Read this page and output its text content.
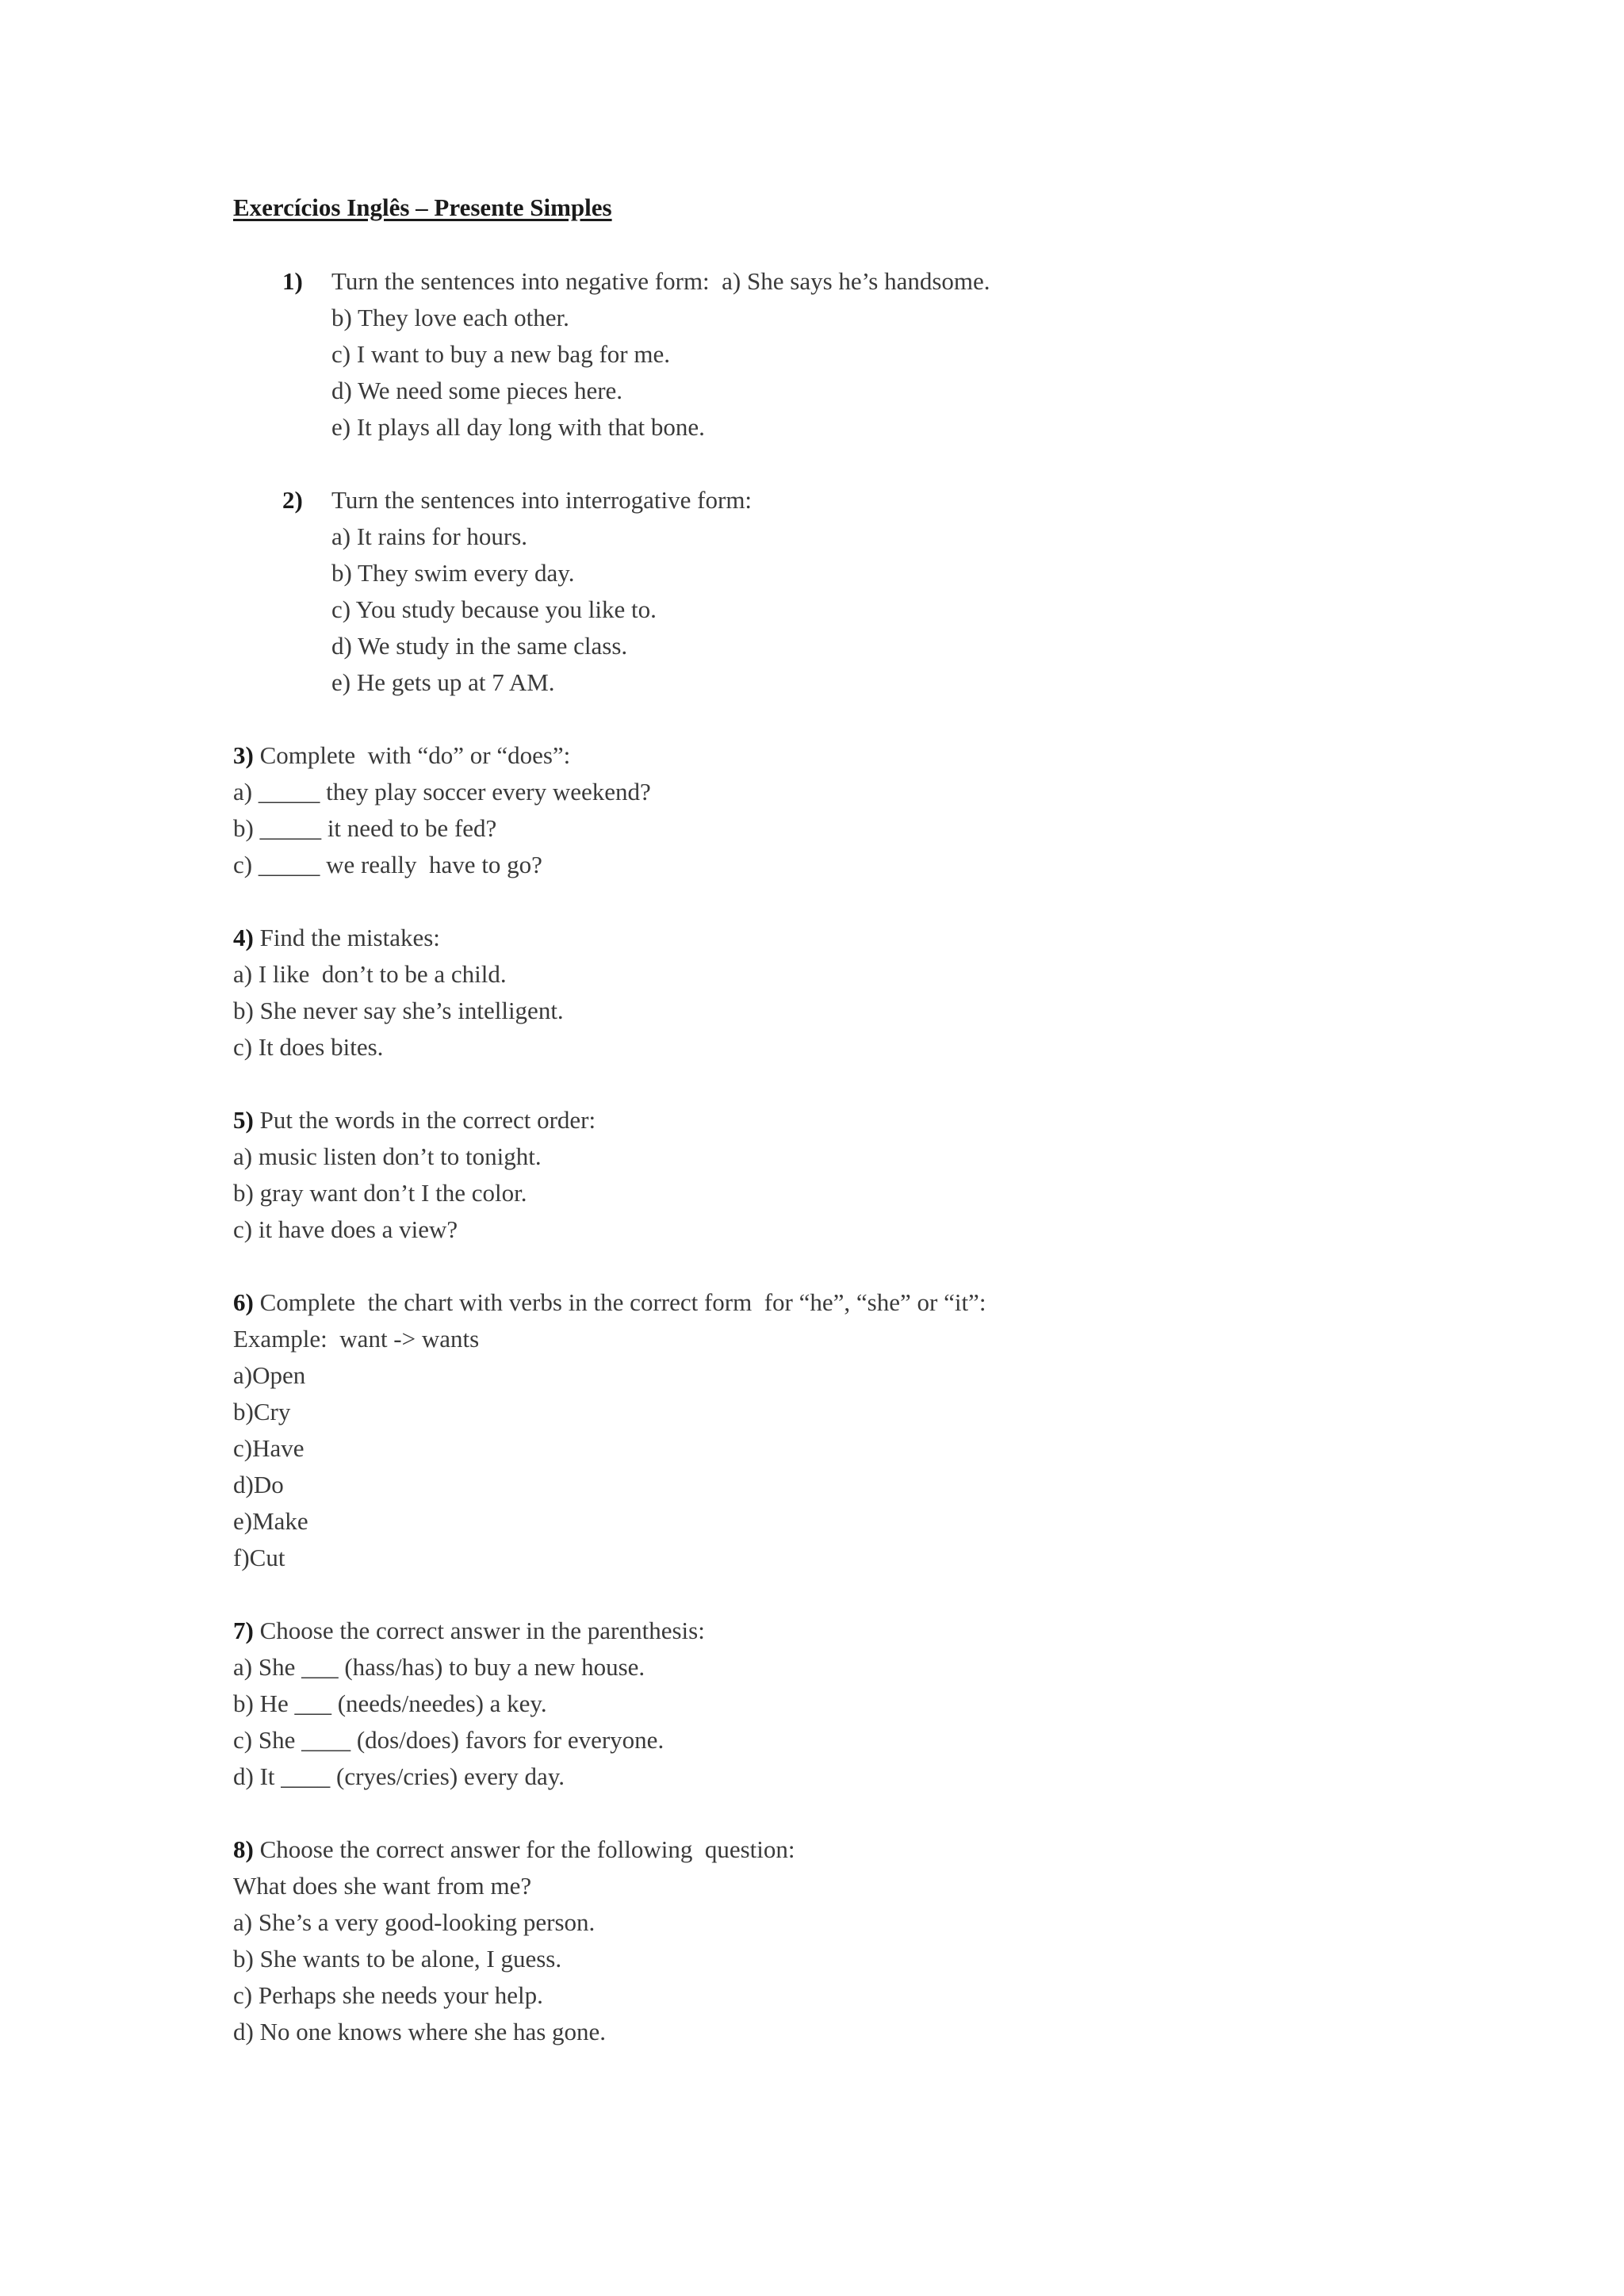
Exercícios Inglês – Presente Simples

1) Turn the sentences into negative form:  a) She says he’s handsome.

b) They love each other.

c) I want to buy a new bag for me.

d) We need some pieces here.

e) It plays all day long with that bone.

2) Turn the sentences into interrogative form:

a) It rains for hours.

b) They swim every day.

c) You study because you like to.

d) We study in the same class.

e) He gets up at 7 AM.

3) Complete  with “do” or “does”:

a) _____ they play soccer every weekend?

b) _____ it need to be fed?

c) _____ we really  have to go?

4) Find the mistakes:

a) I like  don’t to be a child.

b) She never say she’s intelligent.

c) It does bites.

5) Put the words in the correct order:

a) music listen don’t to tonight.

b) gray want don’t I the color.

c) it have does a view?

6) Complete  the chart with verbs in the correct form  for “he”, “she” or “it”:

Example:  want -> wants

a)Open

b)Cry

c)Have

d)Do

e)Make

f)Cut

7) Choose the correct answer in the parenthesis:

a) She ___ (hass/has) to buy a new house.

b) He ___ (needs/needes) a key.

c) She ____ (dos/does) favors for everyone.

d) It ____ (cryes/cries) every day.

8) Choose the correct answer for the following  question:

What does she want from me?

a) She’s a very good-looking person.

b) She wants to be alone, I guess.

c) Perhaps she needs your help.

d) No one knows where she has gone.
